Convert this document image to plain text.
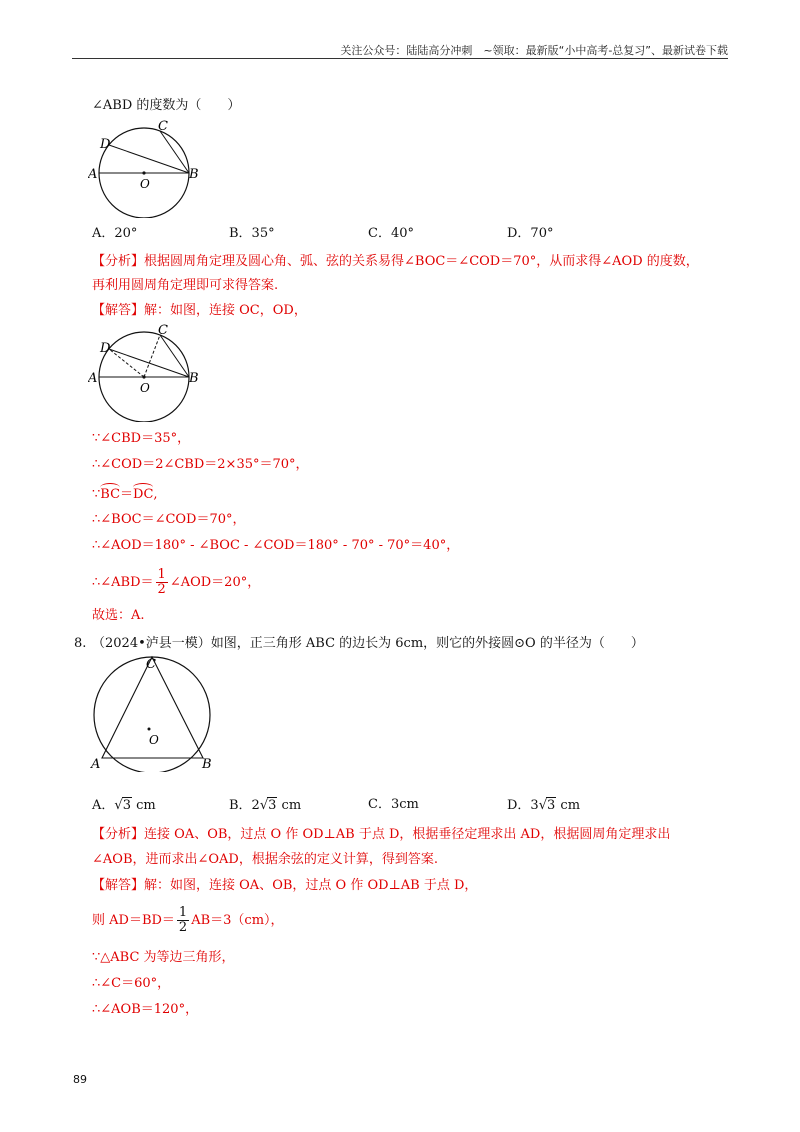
关注公众号：陆陆高分冲刺　~领取：最新版“小中高考-总复习”、最新试卷下载
∠ABD 的度数为（　　）
A	B
C
D
O
A．20°	B．35°	C．40°	D．70°
【分析】根据圆周角定理及圆心角、弧、弦的关系易得∠BOC＝∠COD＝70°，从而求得∠AOD 的度数，
再利用圆周角定理即可求得答案.
【解答】解：如图，连接 OC，OD，
A	B
C
D
O
∵∠CBD＝35°，
∴∠COD＝2∠CBD＝2×35°＝70°，
∵BC＝DC,
∴∠BOC＝∠COD＝70°，
∴∠AOD＝180° - ∠BOC - ∠COD＝180° - 70° - 70°＝40°，
∴∠ABD＝ $\frac{1}{2}$ ∠AOD＝20°，
故选：A.
8. （2024•泸县一模）如图，正三角形 ABC 的边长为 6cm，则它的外接圆⊙O 的半径为（　　）
C
A	B
O
A．√3 cm	B．2√3 cm	C．3cm	D．3√3 cm
【分析】连接 OA、OB，过点 O 作 OD⊥AB 于点 D，根据垂径定理求出 AD，根据圆周角定理求出
∠AOB，进而求出∠OAD，根据余弦的定义计算，得到答案.
【解答】解：如图，连接 OA、OB，过点 O 作 OD⊥AB 于点 D，
则 $AD=BD= \frac{1}{2} AB=3(cm)$，
∵△ABC 为等边三角形，
∴∠C＝60°，
∴∠AOB＝120°，
89
